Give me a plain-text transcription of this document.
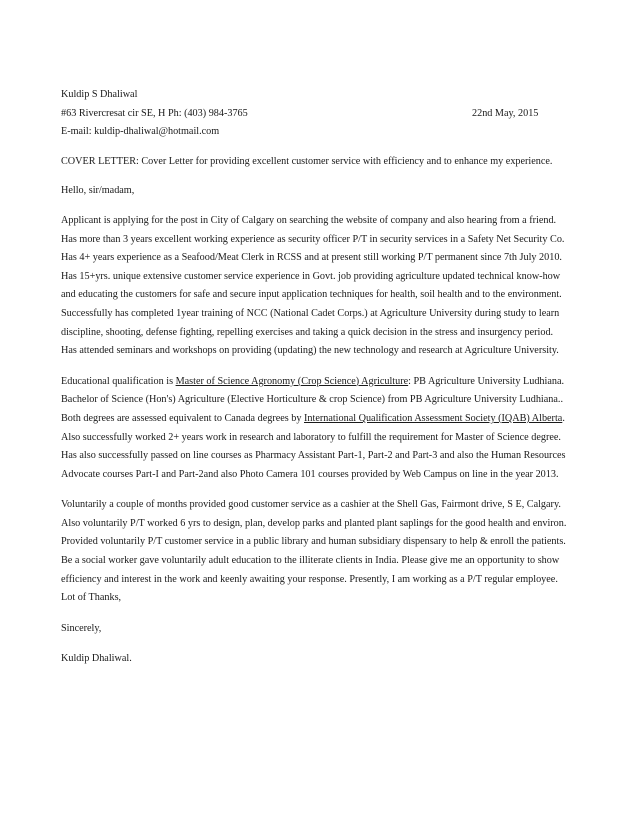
Kuldip S Dhaliwal
#63 Rivercresat cir SE, H Ph: (403) 984-3765	22nd May, 2015
E-mail: kuldip-dhaliwal@hotmail.com
COVER LETTER: Cover Letter for providing excellent customer service with efficiency and to enhance my experience.
Hello, sir/madam,
Applicant is applying for the post in City of Calgary on searching the website of company and also hearing from a friend.
Has more than 3 years excellent working experience as security officer P/T in security services in a Safety Net Security Co.
Has 4+ years experience as a Seafood/Meat Clerk in RCSS and at present still working P/T permanent since 7th July 2010.
Has 15+yrs. unique extensive customer service experience in Govt. job providing agriculture updated technical know-how
and educating the customers for safe and secure input application techniques for health, soil health and to the environment.
Successfully has completed 1year training of NCC (National Cadet Corps.) at Agriculture University during study to learn
discipline, shooting, defense fighting, repelling exercises and taking a quick decision in the stress and insurgency period.
Has attended seminars and workshops on providing (updating) the new technology and research at Agriculture University.
Educational qualification is Master of Science Agronomy (Crop Science) Agriculture: PB Agriculture University Ludhiana.
Bachelor of Science (Hon's) Agriculture (Elective Horticulture & crop Science) from PB Agriculture University Ludhiana..
Both degrees are assessed equivalent to Canada degrees by International Qualification Assessment Society (IQAB) Alberta.
Also successfully worked 2+ years work in research and laboratory to fulfill the requirement for Master of Science degree.
Has also successfully passed on line courses as Pharmacy Assistant Part-1, Part-2 and Part-3 and also the Human Resources
Advocate courses Part-I and Part-2and also Photo Camera 101 courses provided by Web Campus on line in the year 2013.
Voluntarily a couple of months provided good customer service as a cashier at the Shell Gas, Fairmont drive, S E, Calgary.
Also voluntarily P/T worked 6 yrs to design, plan, develop parks and planted plant saplings for the good health and environ.
Provided voluntarily P/T customer service in a public library and human subsidiary dispensary to help & enroll the patients.
Be a social worker gave voluntarily adult education to the illiterate clients in India. Please give me an opportunity to show
efficiency and interest in the work and keenly awaiting your response. Presently, I am working as a P/T regular employee.
Lot of Thanks,
Sincerely,
Kuldip Dhaliwal.
